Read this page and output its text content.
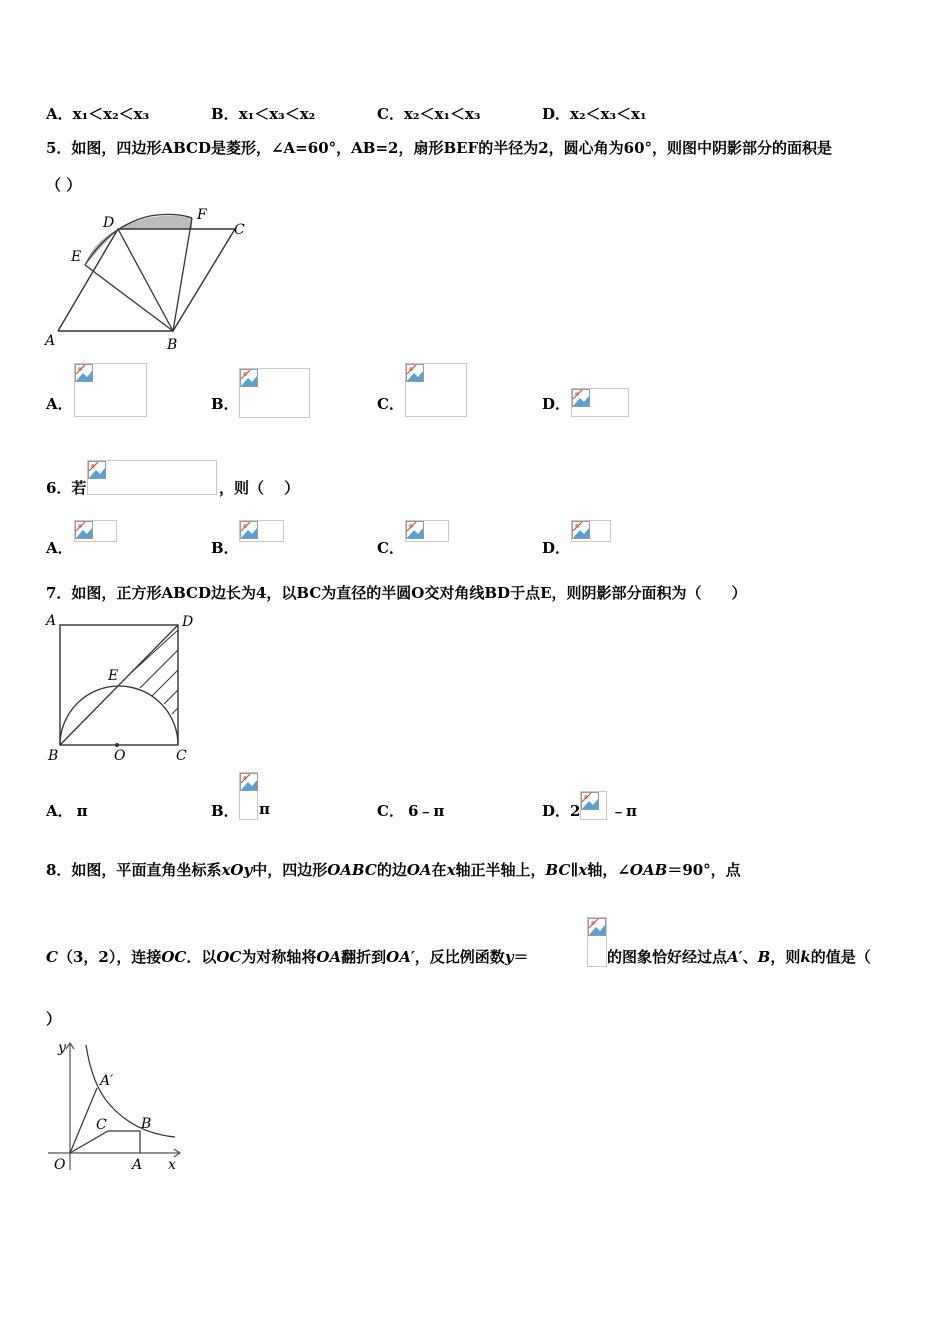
A．x₁＜x₂＜x₃	B．x₁＜x₃＜x₂	C．x₂＜x₁＜x₃	D．x₂＜x₃＜x₁
5．如图，四边形ABCD是菱形，∠A=60°，AB=2，扇形BEF的半径为2，圆心角为60°，则图中阴影部分的面积是
（ ）
A	B
C
D
E
F
A．	B．	C．	D．
6．若	，则（　 ）
A．	B．	C．	D．
7．如图，正方形ABCD边长为4，以BC为直径的半圆O交对角线BD于点E，则阴影部分面积为（　　）
A	D
E
B	O	C
A． π	B． π	C． 6﹣π	D．2 ﹣π
8．如图，平面直角坐标系xOy中，四边形OABC的边OA在x轴正半轴上，BC∥x轴，∠OAB＝90°，点
C（3，2），连接OC．以OC为对称轴将OA翻折到OA′，反比例函数y＝	的图象恰好经过点A′、B，则k的值是（
）
y
x
O	A
A′
B
C
